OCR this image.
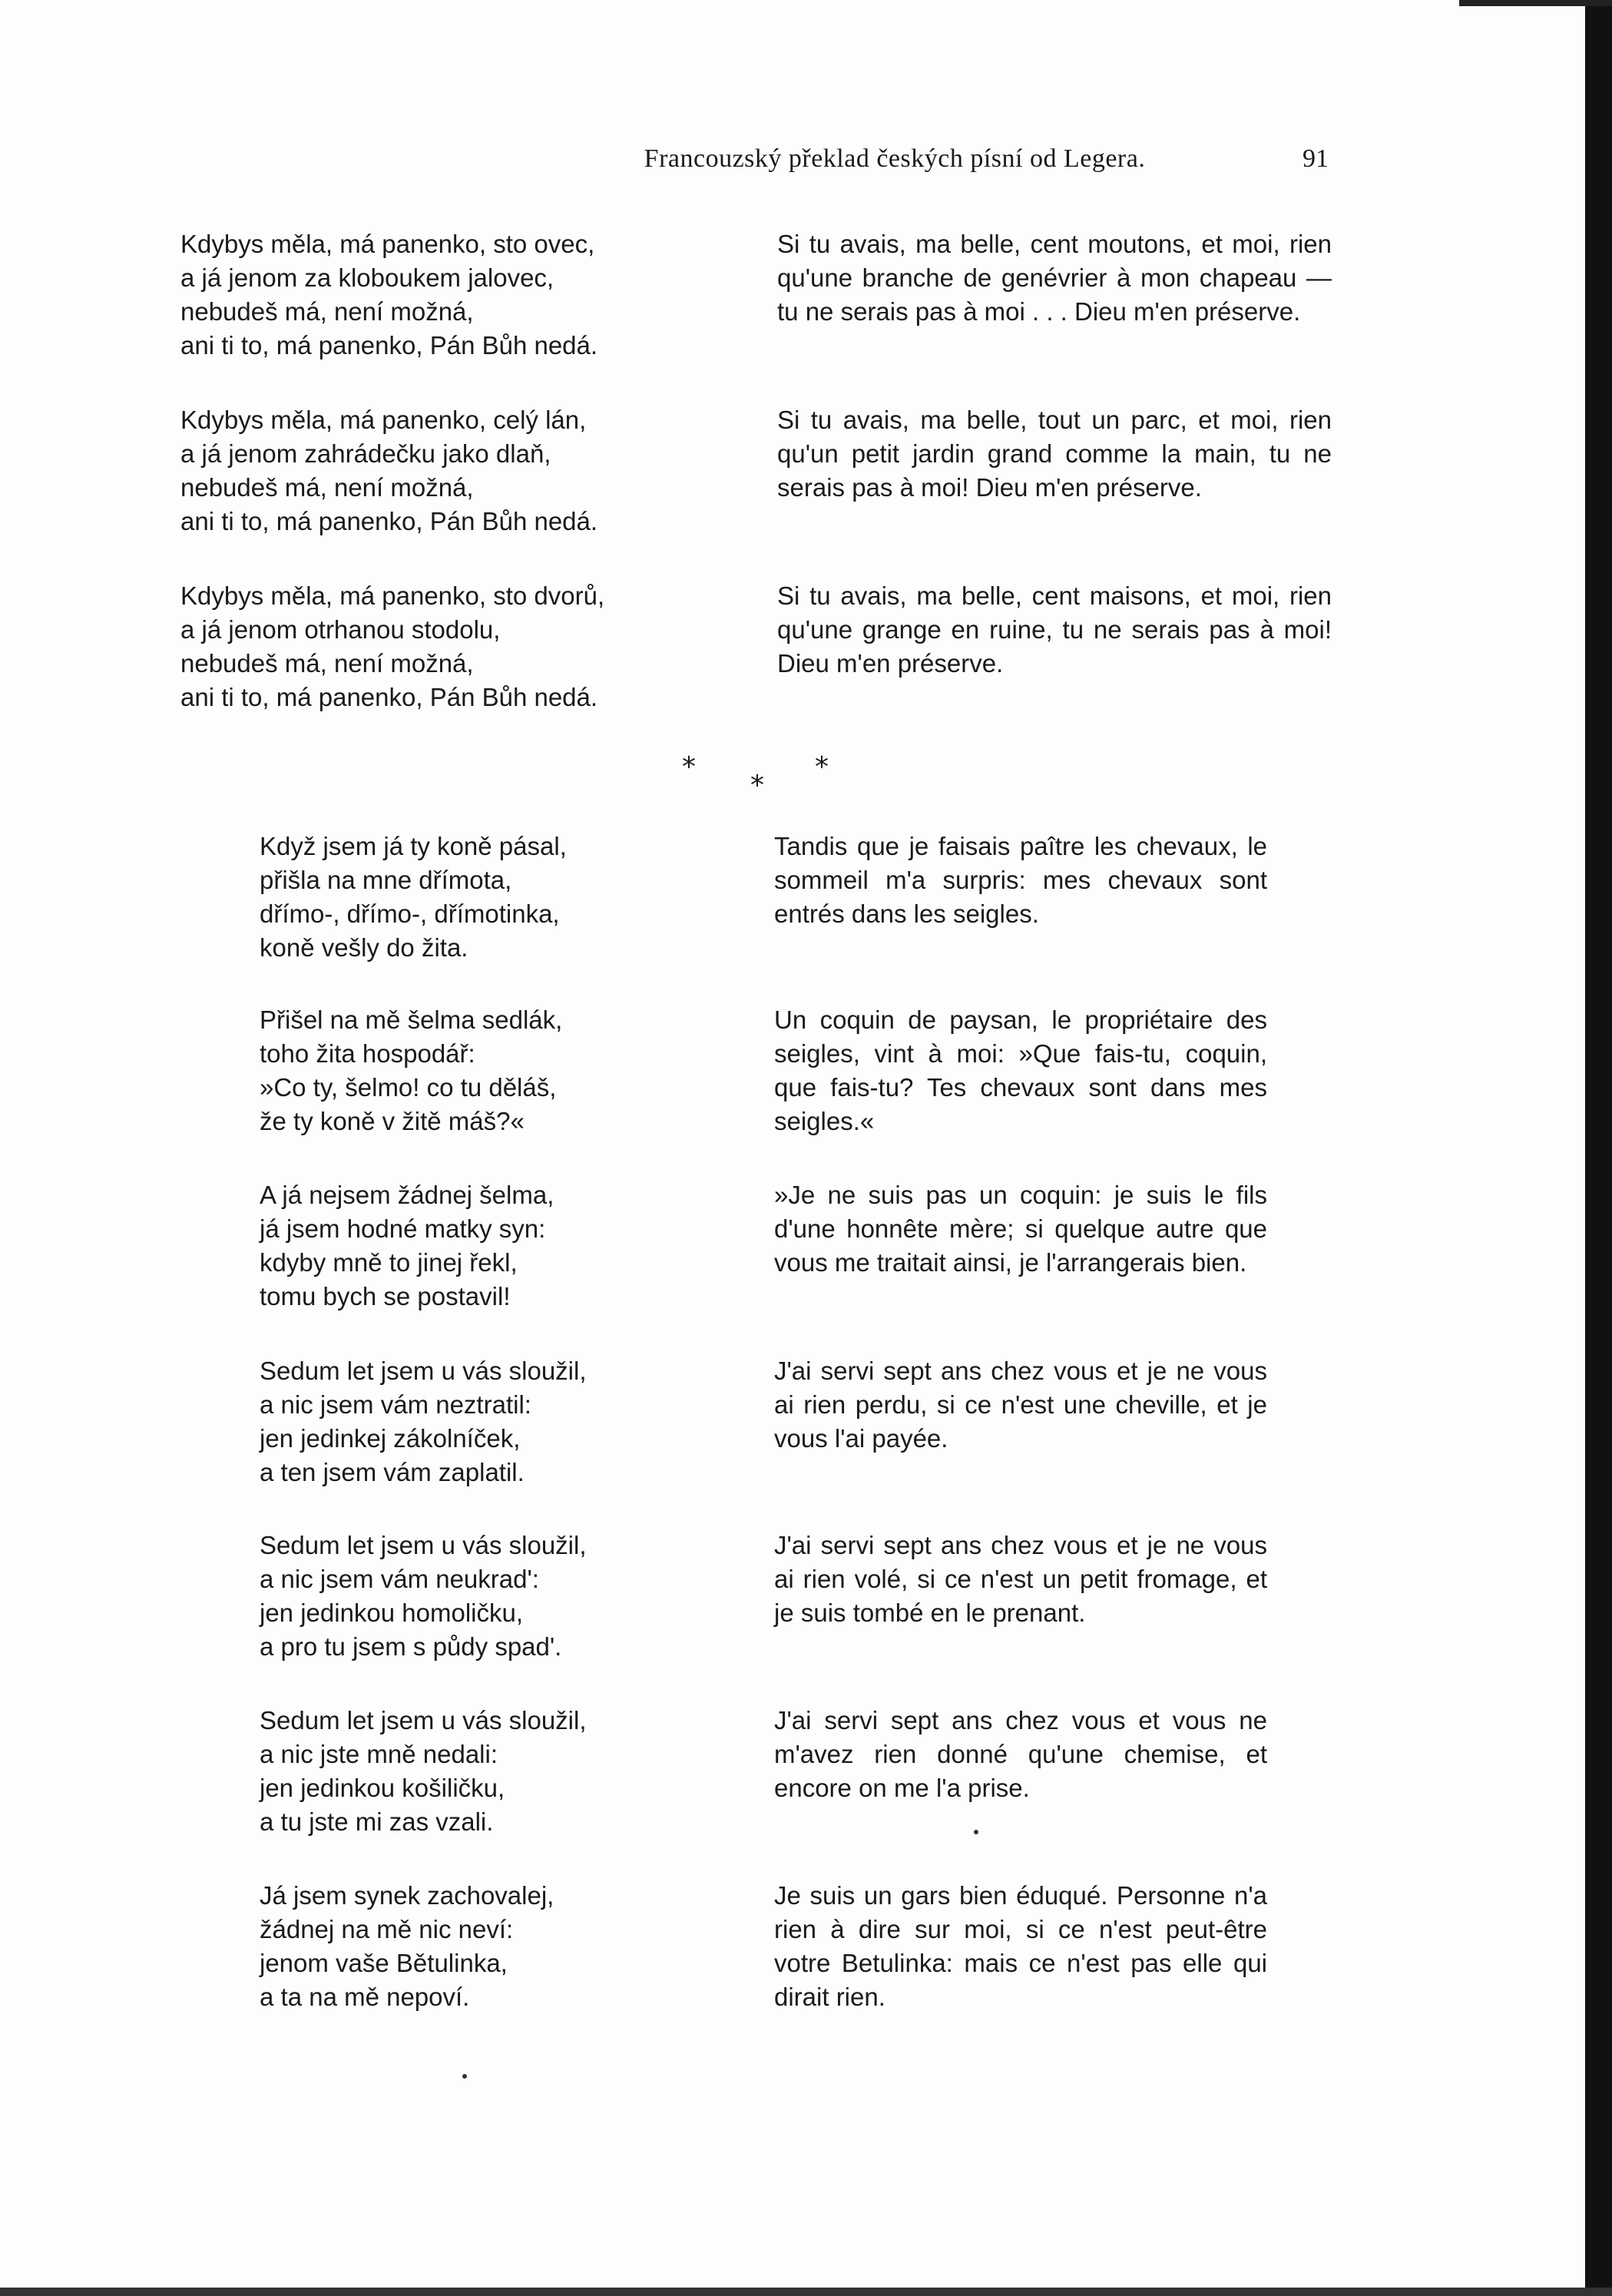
Francouzský překlad českých písní od Legera.	91
Kdybys měla, má panenko, sto ovec,
a já jenom za kloboukem jalovec,
nebudeš má, není možná,
ani ti to, má panenko, Pán Bůh nedá.
Kdybys měla, má panenko, celý lán,
a já jenom zahrádečku jako dlaň,
nebudeš má, není možná,
ani ti to, má panenko, Pán Bůh nedá.
Kdybys měla, má panenko, sto dvorů,
a já jenom otrhanou stodolu,
nebudeš má, není možná,
ani ti to, má panenko, Pán Bůh nedá.
Si tu avais, ma belle, cent moutons, et moi, rien qu'une branche de genévrier à mon chapeau — tu ne serais pas à moi . . . Dieu m'en préserve.
Si tu avais, ma belle, tout un parc, et moi, rien qu'un petit jardin grand comme la main, tu ne serais pas à moi! Dieu m'en préserve.
Si tu avais, ma belle, cent maisons, et moi, rien qu'une grange en ruine, tu ne serais pas à moi! Dieu m'en préserve.
*
*
*
Když jsem já ty koně pásal,
přišla na mne dřímota,
dřímo-, dřímo-, dřímotinka,
koně vešly do žita.
Přišel na mě šelma sedlák,
toho žita hospodář:
»Co ty, šelmo! co tu děláš,
že ty koně v žitě máš?«
A já nejsem žádnej šelma,
já jsem hodné matky syn:
kdyby mně to jinej řekl,
tomu bych se postavil!
Sedum let jsem u vás sloužil,
a nic jsem vám neztratil:
jen jedinkej zákolníček,
a ten jsem vám zaplatil.
Sedum let jsem u vás sloužil,
a nic jsem vám neukrad':
jen jedinkou homoličku,
a pro tu jsem s půdy spad'.
Sedum let jsem u vás sloužil,
a nic jste mně nedali:
jen jedinkou košiličku,
a tu jste mi zas vzali.
Já jsem synek zachovalej,
žádnej na mě nic neví:
jenom vaše Bětulinka,
a ta na mě nepoví.
Tandis que je faisais paître les chevaux, le sommeil m'a surpris: mes chevaux sont entrés dans les seigles.
Un coquin de paysan, le propriétaire des seigles, vint à moi: »Que fais-tu, coquin, que fais-tu? Tes chevaux sont dans mes seigles.«
»Je ne suis pas un coquin: je suis le fils d'une honnête mère; si quelque autre que vous me traitait ainsi, je l'arrangerais bien.
J'ai servi sept ans chez vous et je ne vous ai rien perdu, si ce n'est une cheville, et je vous l'ai payée.
J'ai servi sept ans chez vous et je ne vous ai rien volé, si ce n'est un petit fromage, et je suis tombé en le prenant.
J'ai servi sept ans chez vous et vous ne m'avez rien donné qu'une chemise, et encore on me l'a prise.
Je suis un gars bien éduqué. Personne n'a rien à dire sur moi, si ce n'est peut-être votre Betulinka: mais ce n'est pas elle qui dirait rien.
